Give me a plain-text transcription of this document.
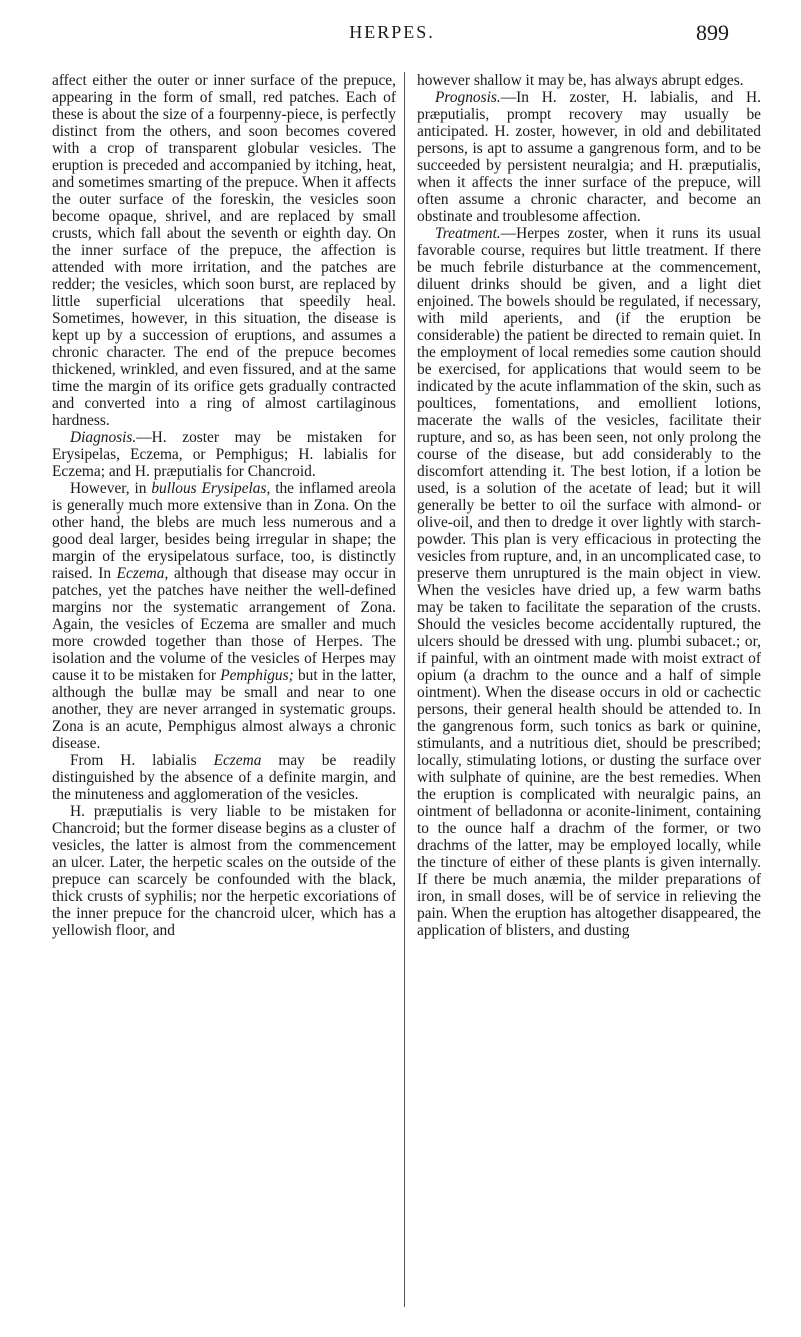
HERPES.	899

affect either the outer or inner surface of the prepuce, appearing in the form of small, red patches. Each of these is about the size of a fourpenny-piece, is perfectly distinct from the others, and soon becomes covered with a crop of transparent globular vesicles. The eruption is preceded and accompanied by itching, heat, and sometimes smarting of the prepuce. When it affects the outer surface of the foreskin, the vesicles soon become opaque, shrivel, and are replaced by small crusts, which fall about the seventh or eighth day. On the inner surface of the prepuce, the affection is attended with more irritation, and the patches are redder; the vesicles, which soon burst, are replaced by little superficial ulcerations that speedily heal. Sometimes, however, in this situation, the disease is kept up by a succession of eruptions, and assumes a chronic character. The end of the prepuce becomes thickened, wrinkled, and even fissured, and at the same time the margin of its orifice gets gradually contracted and converted into a ring of almost cartilaginous hardness.

Diagnosis.—H. zoster may be mistaken for Erysipelas, Eczema, or Pemphigus; H. labialis for Eczema; and H. præputialis for Chancroid.

However, in bullous Erysipelas, the inflamed areola is generally much more extensive than in Zona. On the other hand, the blebs are much less numerous and a good deal larger, besides being irregular in shape; the margin of the erysipelatous surface, too, is distinctly raised. In Eczema, although that disease may occur in patches, yet the patches have neither the well-defined margins nor the systematic arrangement of Zona. Again, the vesicles of Eczema are smaller and much more crowded together than those of Herpes. The isolation and the volume of the vesicles of Herpes may cause it to be mistaken for Pemphigus; but in the latter, although the bullæ may be small and near to one another, they are never arranged in systematic groups. Zona is an acute, Pemphigus almost always a chronic disease.

From H. labialis Eczema may be readily distinguished by the absence of a definite margin, and the minuteness and agglomeration of the vesicles.

H. præputialis is very liable to be mistaken for Chancroid; but the former disease begins as a cluster of vesicles, the latter is almost from the commencement an ulcer. Later, the herpetic scales on the outside of the prepuce can scarcely be confounded with the black, thick crusts of syphilis; nor the herpetic excoriations of the inner prepuce for the chancroid ulcer, which has a yellowish floor, and

however shallow it may be, has always abrupt edges.

Prognosis.—In H. zoster, H. labialis, and H. præputialis, prompt recovery may usually be anticipated. H. zoster, however, in old and debilitated persons, is apt to assume a gangrenous form, and to be succeeded by persistent neuralgia; and H. præputialis, when it affects the inner surface of the prepuce, will often assume a chronic character, and become an obstinate and troublesome affection.

Treatment.—Herpes zoster, when it runs its usual favorable course, requires but little treatment. If there be much febrile disturbance at the commencement, diluent drinks should be given, and a light diet enjoined. The bowels should be regulated, if necessary, with mild aperients, and (if the eruption be considerable) the patient be directed to remain quiet. In the employment of local remedies some caution should be exercised, for applications that would seem to be indicated by the acute inflammation of the skin, such as poultices, fomentations, and emollient lotions, macerate the walls of the vesicles, facilitate their rupture, and so, as has been seen, not only prolong the course of the disease, but add considerably to the discomfort attending it. The best lotion, if a lotion be used, is a solution of the acetate of lead; but it will generally be better to oil the surface with almond- or olive-oil, and then to dredge it over lightly with starch-powder. This plan is very efficacious in protecting the vesicles from rupture, and, in an uncomplicated case, to preserve them unruptured is the main object in view. When the vesicles have dried up, a few warm baths may be taken to facilitate the separation of the crusts. Should the vesicles become accidentally ruptured, the ulcers should be dressed with ung. plumbi subacet.; or, if painful, with an ointment made with moist extract of opium (a drachm to the ounce and a half of simple ointment). When the disease occurs in old or cachectic persons, their general health should be attended to. In the gangrenous form, such tonics as bark or quinine, stimulants, and a nutritious diet, should be prescribed; locally, stimulating lotions, or dusting the surface over with sulphate of quinine, are the best remedies. When the eruption is complicated with neuralgic pains, an ointment of belladonna or aconite-liniment, containing to the ounce half a drachm of the former, or two drachms of the latter, may be employed locally, while the tincture of either of these plants is given internally. If there be much anæmia, the milder preparations of iron, in small doses, will be of service in relieving the pain. When the eruption has altogether disappeared, the application of blisters, and dusting
